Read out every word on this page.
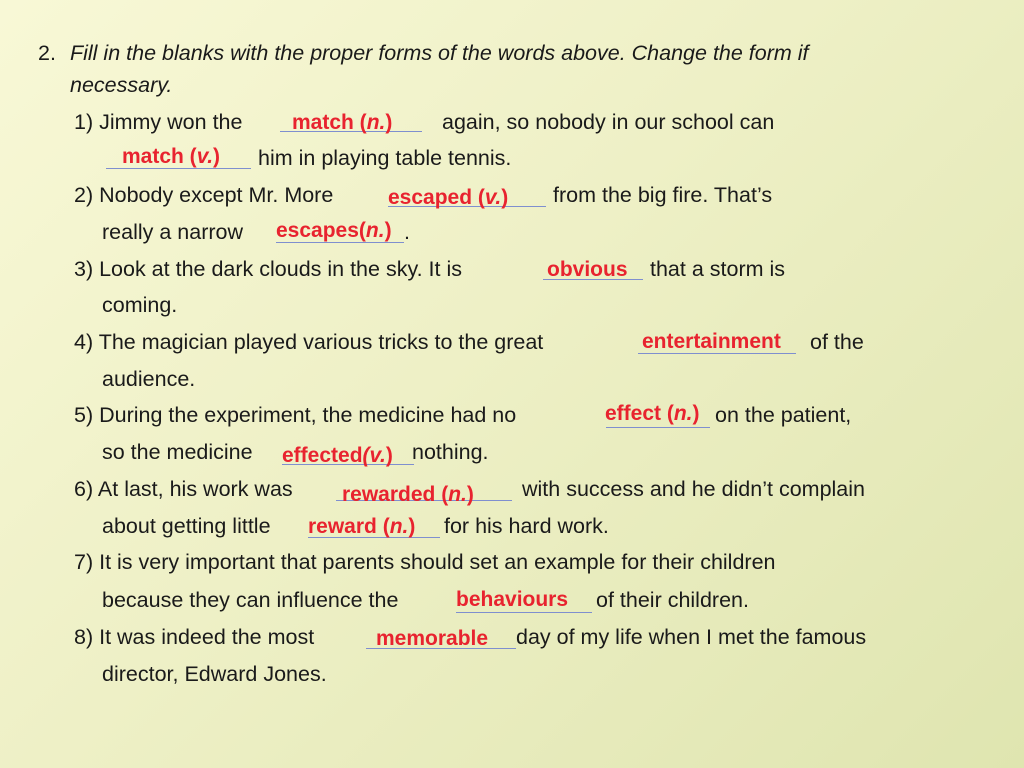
2. Fill in the blanks with the proper forms of the words above. Change the form if
necessary.
1) Jimmy won the match (n.) again, so nobody in our school can
match (v.) him in playing table tennis.
2) Nobody except Mr. More	escaped (v.) from the big fire. That’s
really a narrow escapes(n.) .
3) Look at the dark clouds in the sky. It is	obvious that a storm is
coming.
4) The magician played various tricks to the great	entertainment of the
audience.
5) During the experiment, the medicine had no	effect (n.) on the patient,
so the medicine effected(v.) nothing.
6) At last, his work was rewarded (n.) with success and he didn’t complain
about getting little reward (n.) for his hard work.
7) It is very important that parents should set an example for their children
because they can influence the	behaviours of their children.
8) It was indeed the most	memorable day of my life when I met the famous
director, Edward Jones.
